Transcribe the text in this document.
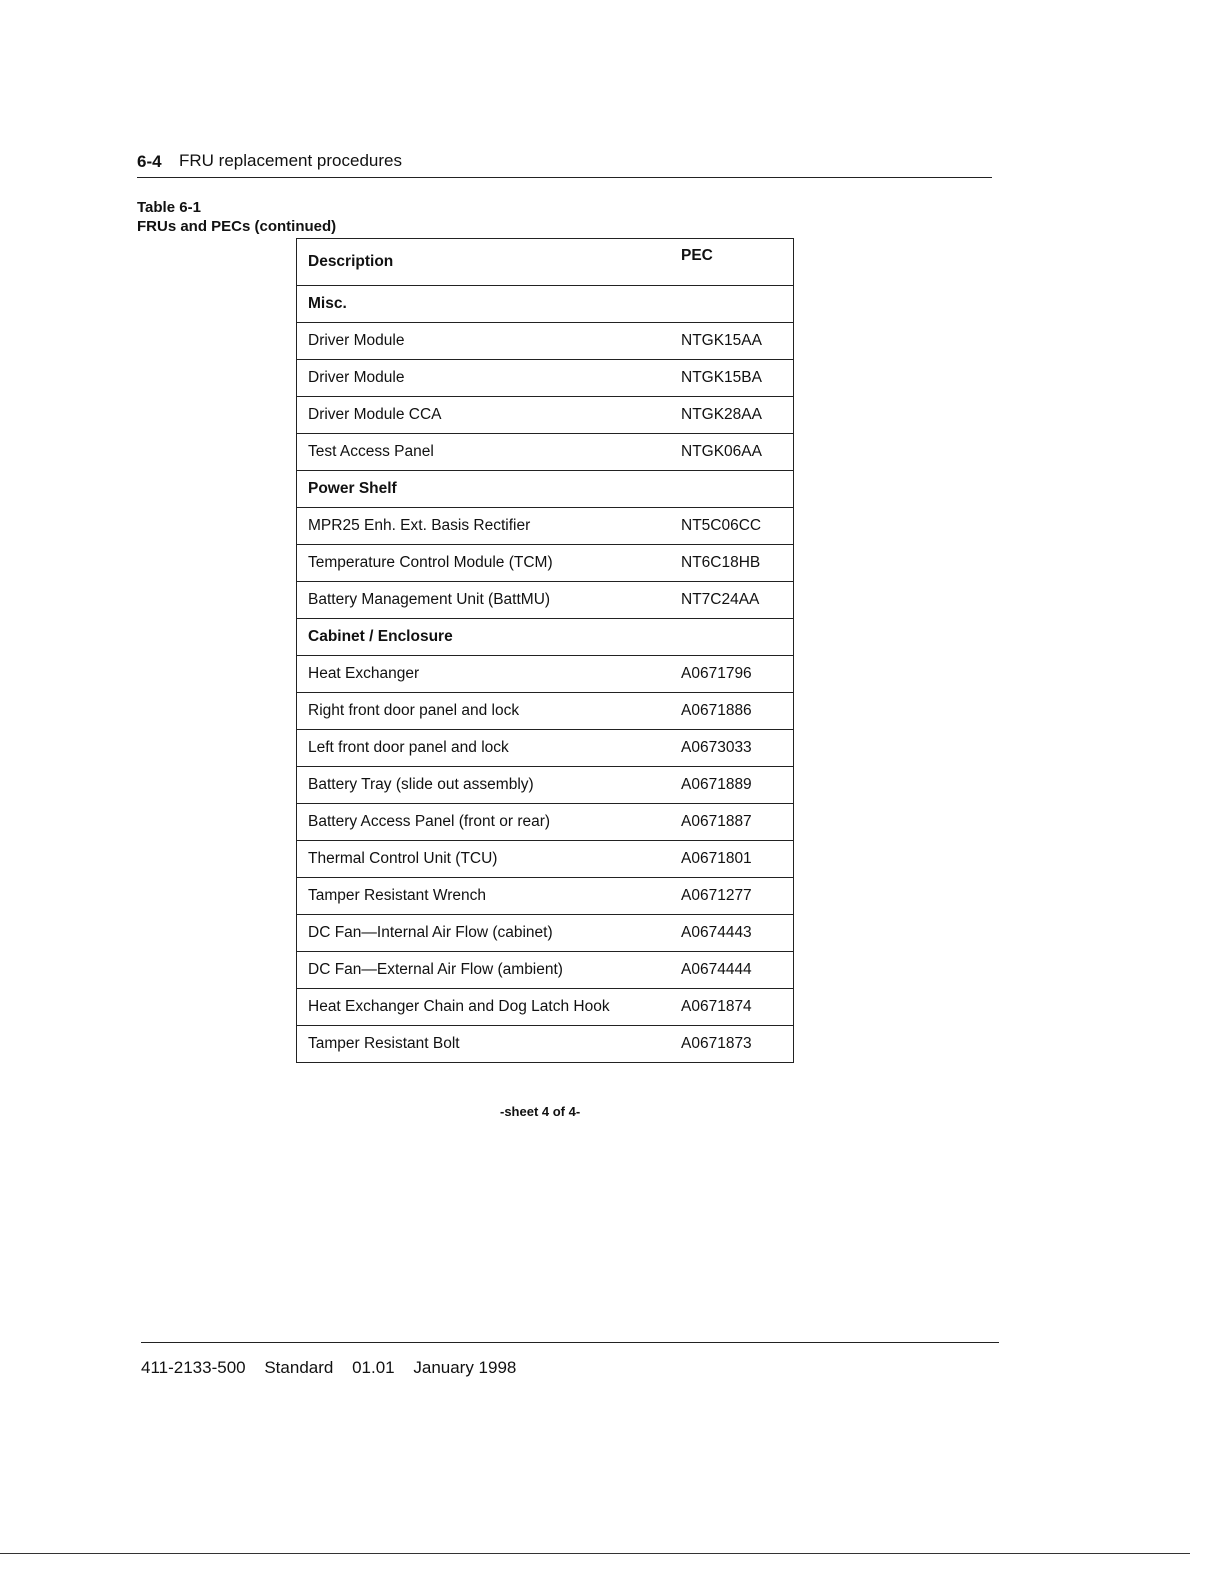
6-4 FRU replacement procedures
Table 6-1
FRUs and PECs (continued)
Description	PEC
Misc.	
Driver Module	NTGK15AA
Driver Module	NTGK15BA
Driver Module CCA	NTGK28AA
Test Access Panel	NTGK06AA
Power Shelf	
MPR25 Enh. Ext. Basis Rectifier	NT5C06CC
Temperature Control Module (TCM)	NT6C18HB
Battery Management Unit (BattMU)	NT7C24AA
Cabinet / Enclosure	
Heat Exchanger	A0671796
Right front door panel and lock	A0671886
Left front door panel and lock	A0673033
Battery Tray (slide out assembly)	A0671889
Battery Access Panel (front or rear)	A0671887
Thermal Control Unit (TCU)	A0671801
Tamper Resistant Wrench	A0671277
DC Fan—Internal Air Flow (cabinet)	A0674443
DC Fan—External Air Flow (ambient)	A0674444
Heat Exchanger Chain and Dog Latch Hook	A0671874
Tamper Resistant Bolt	A0671873
-sheet 4 of 4-
411-2133-500 Standard 01.01 January 1998
